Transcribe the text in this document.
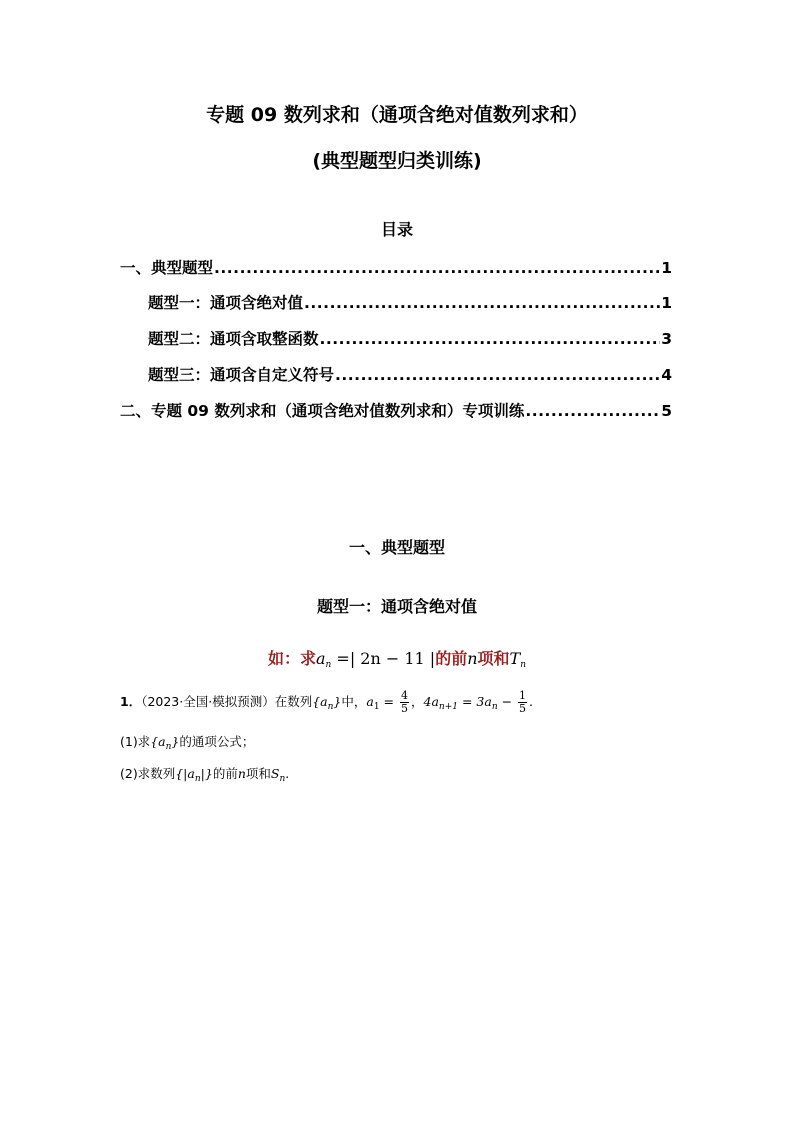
专题 09 数列求和（通项含绝对值数列求和）
(典型题型归类训练)
目录
一、典型题型 .....	1
题型一：通项含绝对值 .....	1
题型二：通项含取整函数 .....	3
题型三：通项含自定义符号 .....	4
二、专题 09 数列求和（通项含绝对值数列求和）专项训练 .....	5
一、典型题型
题型一：通项含绝对值
如：求$a_n$ =| 2n − 11 |的前n项和$T_n$
1．（2023·全国·模拟预测）在数列$\{a_n\}$中，$a_1 = \frac{4}{5}$ ，$4a_{n+1} = 3a_n - \frac{1}{5}$ .
(1)求$\{a_n\}$的通项公式；
(2)求数列$\{|a_n|\}$的前n项和$S_n$.
